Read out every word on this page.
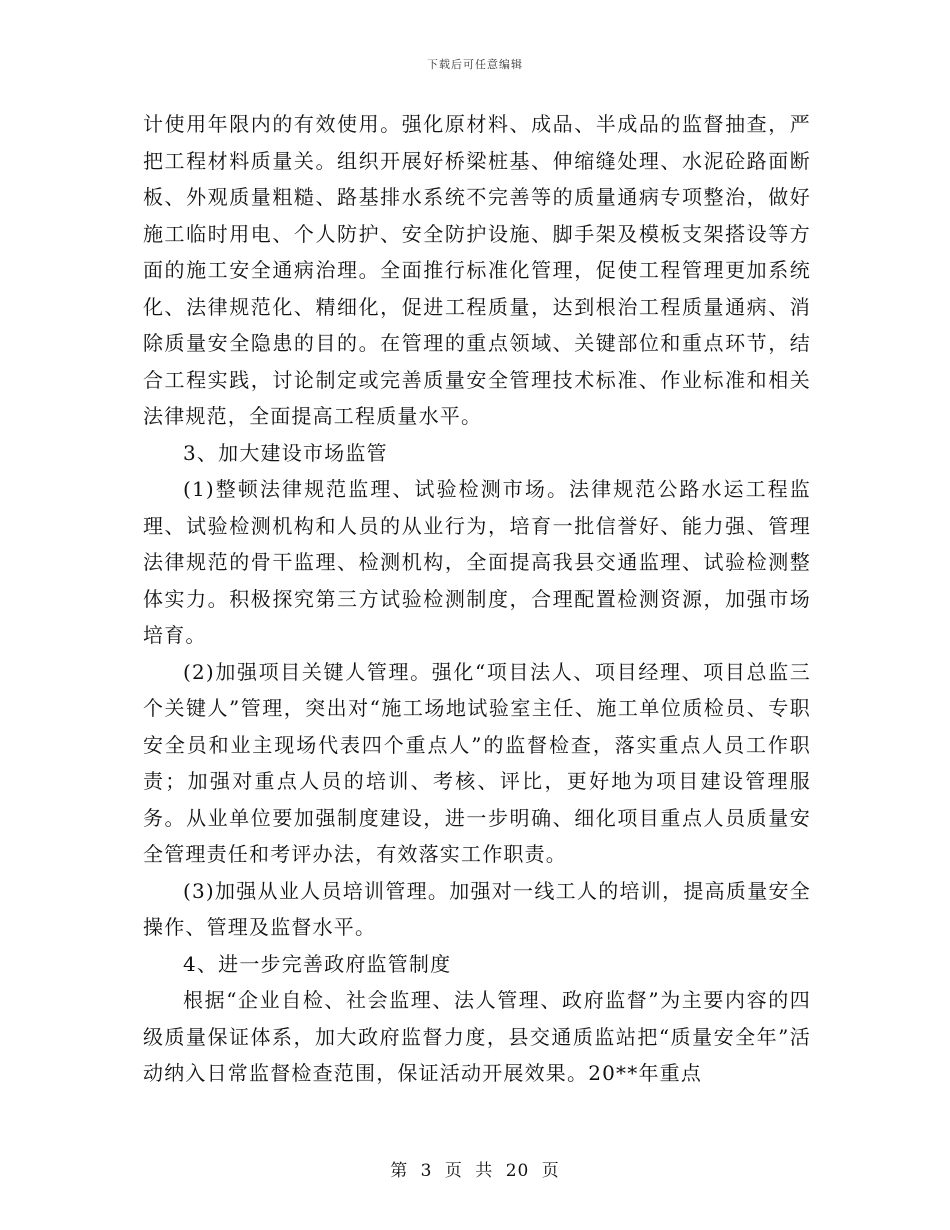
下载后可任意编辑

计使用年限内的有效使用。强化原材料、成品、半成品的监督抽查，严把工程材料质量关。组织开展好桥梁桩基、伸缩缝处理、水泥砼路面断板、外观质量粗糙、路基排水系统不完善等的质量通病专项整治，做好施工临时用电、个人防护、安全防护设施、脚手架及模板支架搭设等方面的施工安全通病治理。全面推行标准化管理，促使工程管理更加系统化、法律规范化、精细化，促进工程质量，达到根治工程质量通病、消除质量安全隐患的目的。在管理的重点领域、关键部位和重点环节，结合工程实践，讨论制定或完善质量安全管理技术标准、作业标准和相关法律规范，全面提高工程质量水平。

3、加大建设市场监管

(1)整顿法律规范监理、试验检测市场。法律规范公路水运工程监理、试验检测机构和人员的从业行为，培育一批信誉好、能力强、管理法律规范的骨干监理、检测机构，全面提高我县交通监理、试验检测整体实力。积极探究第三方试验检测制度，合理配置检测资源，加强市场培育。

(2)加强项目关键人管理。强化“项目法人、项目经理、项目总监三个关键人”管理，突出对“施工场地试验室主任、施工单位质检员、专职安全员和业主现场代表四个重点人”的监督检查，落实重点人员工作职责；加强对重点人员的培训、考核、评比，更好地为项目建设管理服务。从业单位要加强制度建设，进一步明确、细化项目重点人员质量安全管理责任和考评办法，有效落实工作职责。

(3)加强从业人员培训管理。加强对一线工人的培训，提高质量安全操作、管理及监督水平。

4、进一步完善政府监管制度

根据“企业自检、社会监理、法人管理、政府监督”为主要内容的四级质量保证体系，加大政府监督力度，县交通质监站把“质量安全年”活动纳入日常监督检查范围，保证活动开展效果。20**年重点

第 3 页 共 20 页
